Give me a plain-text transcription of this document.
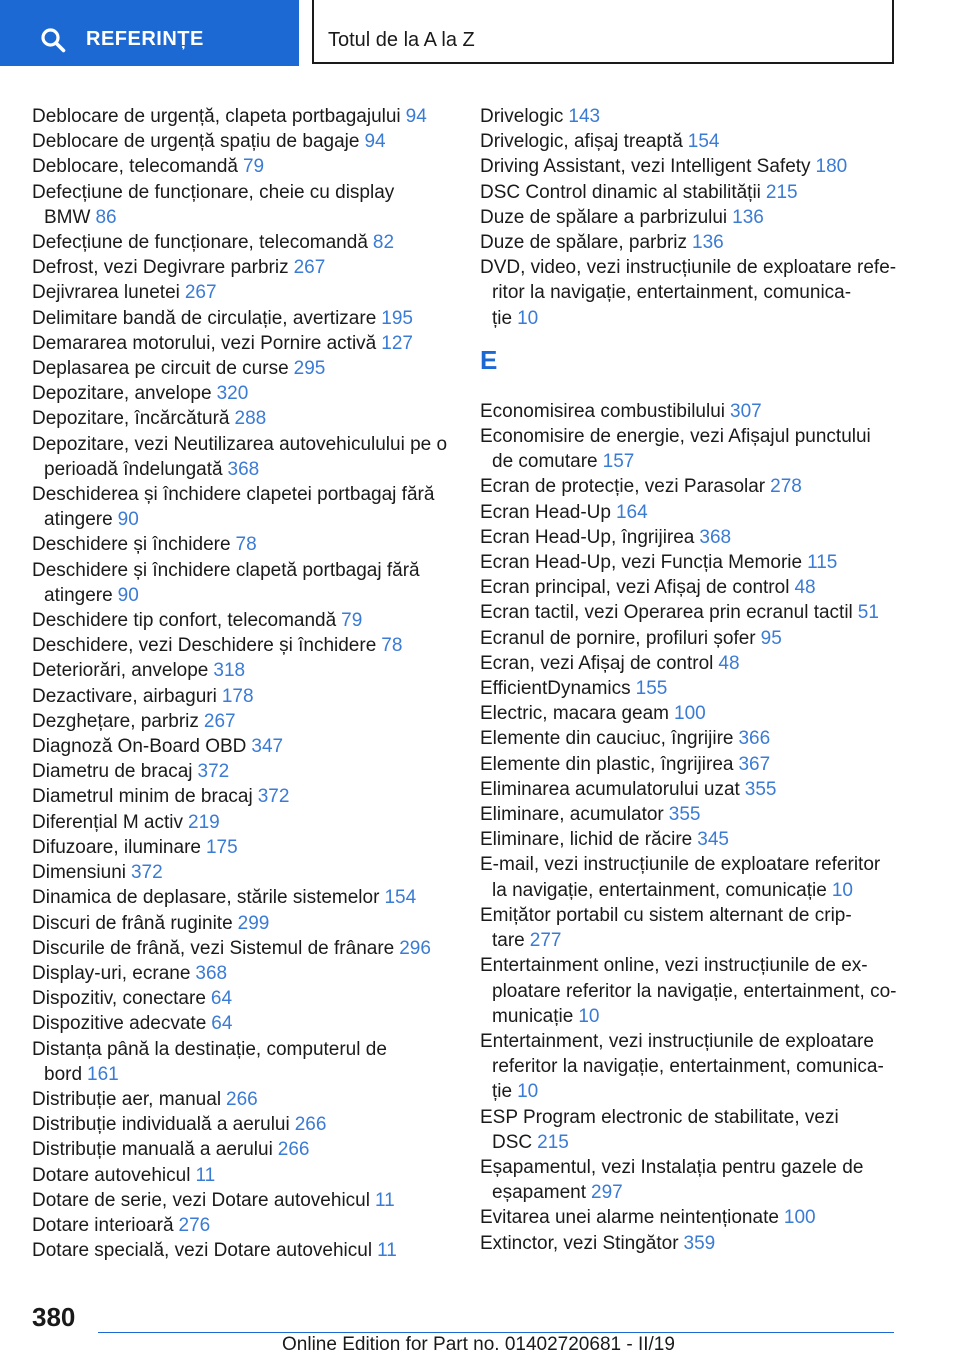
REFERINȚE	Totul de la A la Z
Deblocare de urgență, clapeta portbagajului 94
Deblocare de urgență spațiu de bagaje 94
Deblocare, telecomandă 79
Defecțiune de funcționare, cheie cu display
BMW 86
Defecțiune de funcționare, telecomandă 82
Defrost, vezi Degivrare parbriz 267
Dejivrarea lunetei 267
Delimitare bandă de circulație, avertizare 195
Demararea motorului, vezi Pornire activă 127
Deplasarea pe circuit de curse 295
Depozitare, anvelope 320
Depozitare, încărcătură 288
Depozitare, vezi Neutilizarea autovehiculului pe o
perioadă îndelungată 368
Deschiderea și închidere clapetei portbagaj fără
atingere 90
Deschidere și închidere 78
Deschidere și închidere clapetă portbagaj fără
atingere 90
Deschidere tip confort, telecomandă 79
Deschidere, vezi Deschidere și închidere 78
Deteriorări, anvelope 318
Dezactivare, airbaguri 178
Dezghețare, parbriz 267
Diagnoză On-Board OBD 347
Diametru de bracaj 372
Diametrul minim de bracaj 372
Diferențial M activ 219
Difuzoare, iluminare 175
Dimensiuni 372
Dinamica de deplasare, stările sistemelor 154
Discuri de frână ruginite 299
Discurile de frână, vezi Sistemul de frânare 296
Display-uri, ecrane 368
Dispozitiv, conectare 64
Dispozitive adecvate 64
Distanța până la destinație, computerul de
bord 161
Distribuție aer, manual 266
Distribuție individuală a aerului 266
Distribuție manuală a aerului 266
Dotare autovehicul 11
Dotare de serie, vezi Dotare autovehicul 11
Dotare interioară 276
Dotare specială, vezi Dotare autovehicul 11
Drivelogic 143
Drivelogic, afișaj treaptă 154
Driving Assistant, vezi Intelligent Safety 180
DSC Control dinamic al stabilității 215
Duze de spălare a parbrizului 136
Duze de spălare, parbriz 136
DVD, video, vezi instrucțiunile de exploatare refe-
ritor la navigație, entertainment, comunica-
ție 10
E
Economisirea combustibilului 307
Economisire de energie, vezi Afișajul punctului
de comutare 157
Ecran de protecție, vezi Parasolar 278
Ecran Head-Up 164
Ecran Head-Up, îngrijirea 368
Ecran Head-Up, vezi Funcția Memorie 115
Ecran principal, vezi Afișaj de control 48
Ecran tactil, vezi Operarea prin ecranul tactil 51
Ecranul de pornire, profiluri șofer 95
Ecran, vezi Afișaj de control 48
EfficientDynamics 155
Electric, macara geam 100
Elemente din cauciuc, îngrijire 366
Elemente din plastic, îngrijirea 367
Eliminarea acumulatorului uzat 355
Eliminare, acumulator 355
Eliminare, lichid de răcire 345
E-mail, vezi instrucțiunile de exploatare referitor
la navigație, entertainment, comunicație 10
Emițător portabil cu sistem alternant de crip-
tare 277
Entertainment online, vezi instrucțiunile de ex-
ploatare referitor la navigație, entertainment, co-
municație 10
Entertainment, vezi instrucțiunile de exploatare
referitor la navigație, entertainment, comunica-
ție 10
ESP Program electronic de stabilitate, vezi
DSC 215
Eșapamentul, vezi Instalația pentru gazele de
eșapament 297
Evitarea unei alarme neintenționate 100
Extinctor, vezi Stingător 359
380
Online Edition for Part no. 01402720681 - II/19
